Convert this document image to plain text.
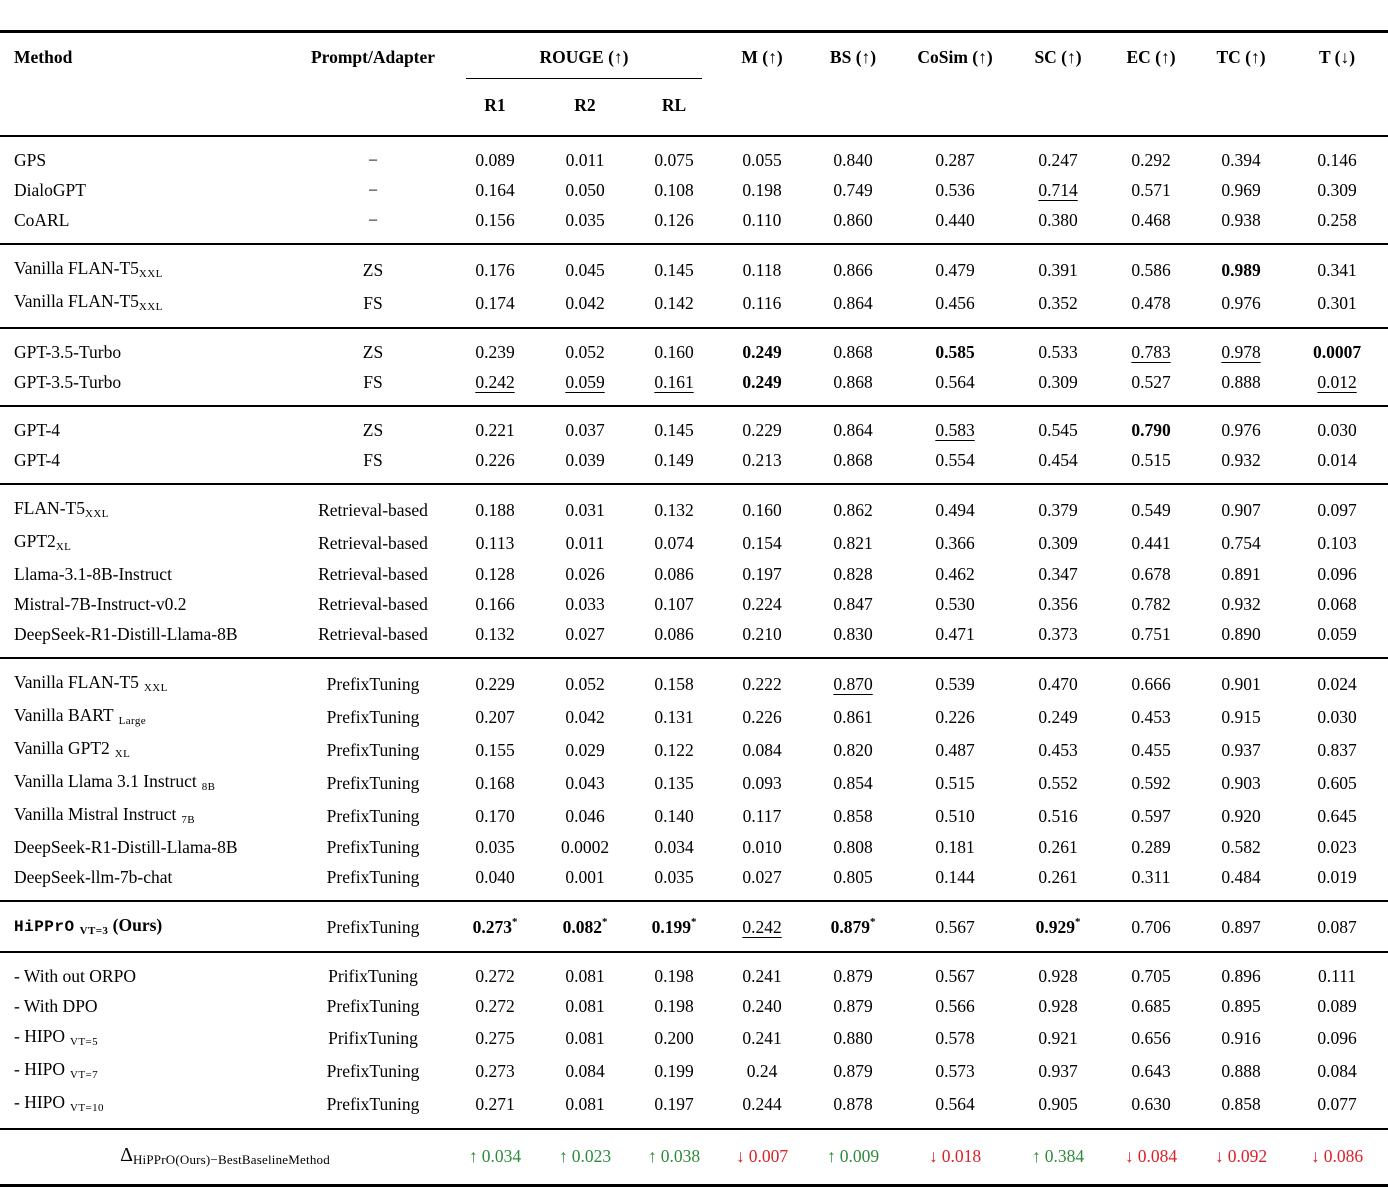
Method	Prompt/Adapter	ROUGE (↑)			M (↑)	BS (↑)	CoSim (↑)	SC (↑)	EC (↑)	TC (↑)	T (↓)
		R1	R2	RL							
GPS	−	0.089	0.011	0.075	0.055	0.840	0.287	0.247	0.292	0.394	0.146
DialoGPT	−	0.164	0.050	0.108	0.198	0.749	0.536	0.714	0.571	0.969	0.309
CoARL	−	0.156	0.035	0.126	0.110	0.860	0.440	0.380	0.468	0.938	0.258
Vanilla FLAN-T5XXL	ZS	0.176	0.045	0.145	0.118	0.866	0.479	0.391	0.586	0.989	0.341
Vanilla FLAN-T5XXL	FS	0.174	0.042	0.142	0.116	0.864	0.456	0.352	0.478	0.976	0.301
GPT-3.5-Turbo	ZS	0.239	0.052	0.160	0.249	0.868	0.585	0.533	0.783	0.978	0.0007
GPT-3.5-Turbo	FS	0.242	0.059	0.161	0.249	0.868	0.564	0.309	0.527	0.888	0.012
GPT-4	ZS	0.221	0.037	0.145	0.229	0.864	0.583	0.545	0.790	0.976	0.030
GPT-4	FS	0.226	0.039	0.149	0.213	0.868	0.554	0.454	0.515	0.932	0.014
FLAN-T5XXL	Retrieval-based	0.188	0.031	0.132	0.160	0.862	0.494	0.379	0.549	0.907	0.097
GPT2XL	Retrieval-based	0.113	0.011	0.074	0.154	0.821	0.366	0.309	0.441	0.754	0.103
Llama-3.1-8B-Instruct	Retrieval-based	0.128	0.026	0.086	0.197	0.828	0.462	0.347	0.678	0.891	0.096
Mistral-7B-Instruct-v0.2	Retrieval-based	0.166	0.033	0.107	0.224	0.847	0.530	0.356	0.782	0.932	0.068
DeepSeek-R1-Distill-Llama-8B	Retrieval-based	0.132	0.027	0.086	0.210	0.830	0.471	0.373	0.751	0.890	0.059
Vanilla FLAN-T5 XXL	PrefixTuning	0.229	0.052	0.158	0.222	0.870	0.539	0.470	0.666	0.901	0.024
Vanilla BART Large	PrefixTuning	0.207	0.042	0.131	0.226	0.861	0.226	0.249	0.453	0.915	0.030
Vanilla GPT2 XL	PrefixTuning	0.155	0.029	0.122	0.084	0.820	0.487	0.453	0.455	0.937	0.837
Vanilla Llama 3.1 Instruct 8B	PrefixTuning	0.168	0.043	0.135	0.093	0.854	0.515	0.552	0.592	0.903	0.605
Vanilla Mistral Instruct 7B	PrefixTuning	0.170	0.046	0.140	0.117	0.858	0.510	0.516	0.597	0.920	0.645
DeepSeek-R1-Distill-Llama-8B	PrefixTuning	0.035	0.0002	0.034	0.010	0.808	0.181	0.261	0.289	0.582	0.023
DeepSeek-llm-7b-chat	PrefixTuning	0.040	0.001	0.035	0.027	0.805	0.144	0.261	0.311	0.484	0.019
HiPPrO VT=3 (Ours)	PrefixTuning	0.273*	0.082*	0.199*	0.242	0.879*	0.567	0.929*	0.706	0.897	0.087
- With out ORPO	PrifixTuning	0.272	0.081	0.198	0.241	0.879	0.567	0.928	0.705	0.896	0.111
- With DPO	PrefixTuning	0.272	0.081	0.198	0.240	0.879	0.566	0.928	0.685	0.895	0.089
- HIPO VT=5	PrifixTuning	0.275	0.081	0.200	0.241	0.880	0.578	0.921	0.656	0.916	0.096
- HIPO VT=7	PrefixTuning	0.273	0.084	0.199	0.24	0.879	0.573	0.937	0.643	0.888	0.084
- HIPO VT=10	PrefixTuning	0.271	0.081	0.197	0.244	0.878	0.564	0.905	0.630	0.858	0.077
ΔHiPPrO(Ours)−BestBaselineMethod		↑ 0.034	↑ 0.023	↑ 0.038	↓ 0.007	↑ 0.009	↓ 0.018	↑ 0.384	↓ 0.084	↓ 0.092	↓ 0.086
